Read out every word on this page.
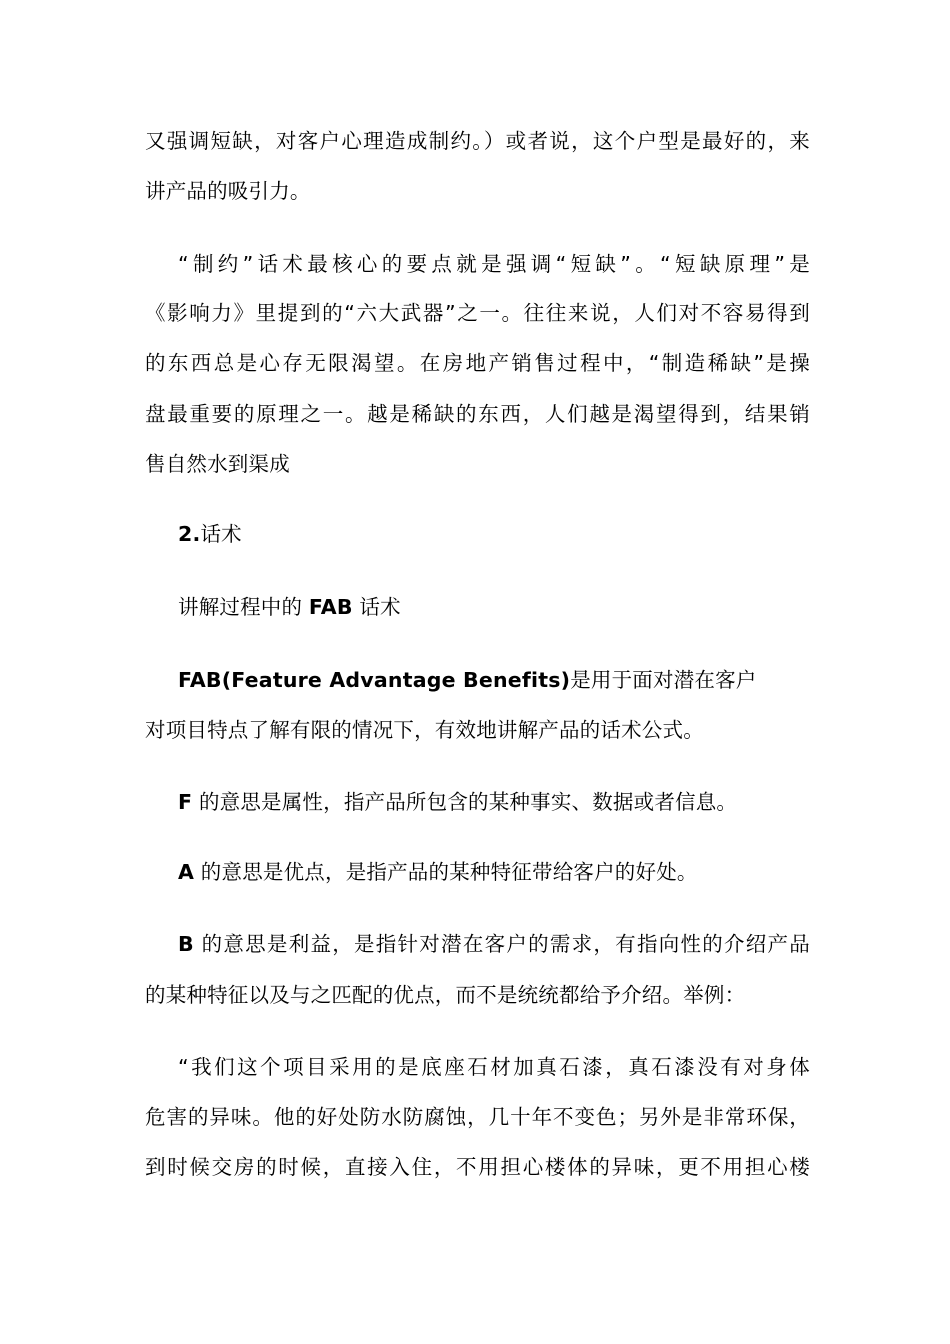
又强调短缺，对客户心理造成制约。）或者说，这个户型是最好的，来
讲产品的吸引力。
“制约”话术最核心的要点就是强调“短缺”。“短缺原理”是
《影响力》里提到的“六大武器”之一。往往来说，人们对不容易得到
的东西总是心存无限渴望。在房地产销售过程中，“制造稀缺”是操
盘最重要的原理之一。越是稀缺的东西，人们越是渴望得到，结果销
售自然水到渠成
2.话术
讲解过程中的 FAB 话术
FAB(Feature Advantage Benefits)是用于面对潜在客户
对项目特点了解有限的情况下，有效地讲解产品的话术公式。
F 的意思是属性，指产品所包含的某种事实、数据或者信息。
A 的意思是优点，是指产品的某种特征带给客户的好处。
B 的意思是利益，是指针对潜在客户的需求，有指向性的介绍产品
的某种特征以及与之匹配的优点，而不是统统都给予介绍。举例：
“我们这个项目采用的是底座石材加真石漆，真石漆没有对身体
危害的异味。他的好处防水防腐蚀，几十年不变色；另外是非常环保，
到时候交房的时候，直接入住，不用担心楼体的异味，更不用担心楼
